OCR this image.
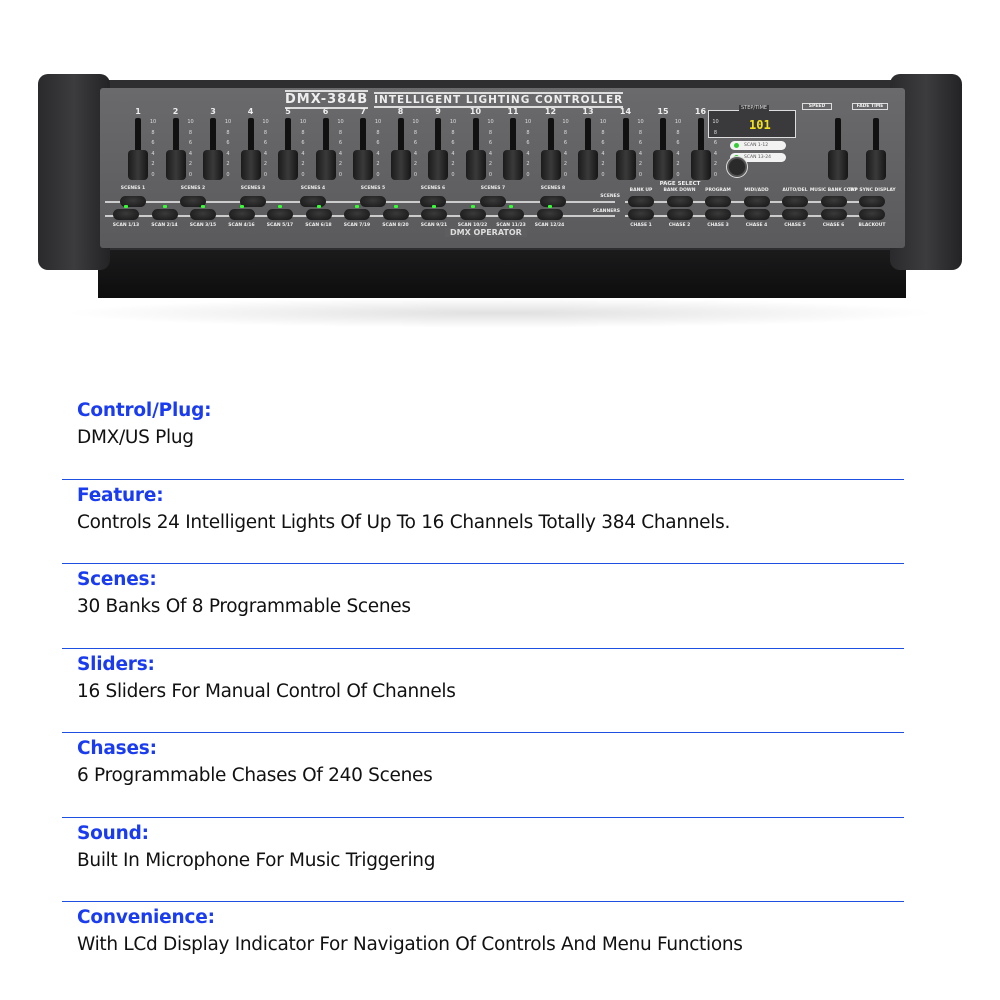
DMX-384B INTELLIGENT LIGHTING CONTROLLER
STEP/TIME
101
SCAN 1-12
SCAN 13-24
SPEED	FADE TIME
DMX OPERATOR
1
10
8
6
4
2
0
2
10
8
6
4
2
0
3
10
8
6
4
2
0
4
10
8
6
4
2
0
5
10
8
6
4
2
0
6
10
8
6
4
2
0
7
10
8
6
4
2
0
8
10
8
6
4
2
0
9
10
8
6
4
2
0
10
10
8
6
4
2
0
11
10
8
6
4
2
0
12
10
8
6
4
2
0
13
10
8
6
4
2
0
14
10
8
6
4
2
0
15
10
8
6
4
2
0
16
10
8
6
4
2
0
SCENES
SCANNERS
SCENES 1	SCENES 2	SCENES 3	SCENES 4	SCENES 5	SCENES 6	SCENES 7	SCENES 8
SCAN 1/13	SCAN 2/14	SCAN 3/15	SCAN 4/16	SCAN 5/17	SCAN 6/18	SCAN 7/19	SCAN 8/20	SCAN 9/21	SCAN 10/22	SCAN 11/23	SCAN 12/24
BANK UP
CHASE 1
BANK DOWN
CHASE 2
PROGRAM
CHASE 3
MIDI/ADD
CHASE 4
AUTO/DEL
CHASE 5
MUSIC BANK COPY
CHASE 6
TAP SYNC DISPLAY
BLACKOUT
PAGE SELECT
Control/Plug:

DMX/US Plug

Feature:

Controls 24 Intelligent Lights Of Up To 16 Channels Totally 384 Channels.

Scenes:

30 Banks Of 8 Programmable Scenes

Sliders:

16 Sliders For Manual Control Of Channels

Chases:

6 Programmable Chases Of 240 Scenes

Sound:

Built In Microphone For Music Triggering

Convenience:

With LCd Display Indicator For Navigation Of Controls And Menu Functions
